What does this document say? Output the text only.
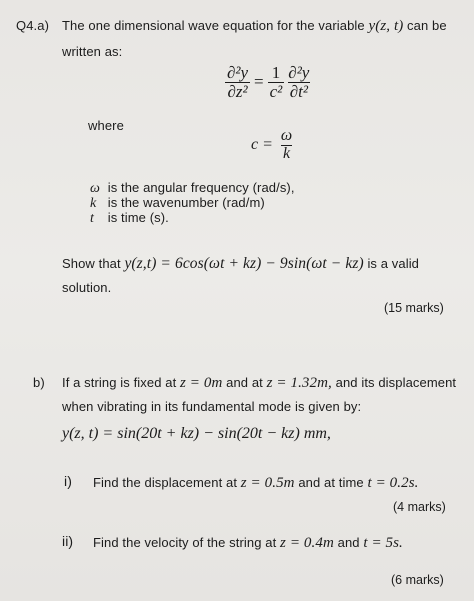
Q4.a) The one dimensional wave equation for the variable y(z, t) can be
written as:
$\frac{\text{∂²y}}{\text{∂z²}} = \frac{1}{\text{c²}} \frac{\text{∂²y}}{\text{∂t²}}$
where
$c = \frac{\omega}{k}$
ω is the angular frequency (rad/s),
k is the wavenumber (rad/m)
t is time (s).
Show that y(z,t) = 6cos(ωt + kz) − 9sin(ωt − kz) is a valid
solution.
(15 marks)
b) If a string is fixed at z = 0m and at z = 1.32m, and its displacement
when vibrating in its fundamental mode is given by:
y(z, t) = sin(20t + kz) − sin(20t − kz) mm,
i) Find the displacement at z = 0.5m and at time t = 0.2s.
(4 marks)
ii) Find the velocity of the string at z = 0.4m and t = 5s.
(6 marks)
